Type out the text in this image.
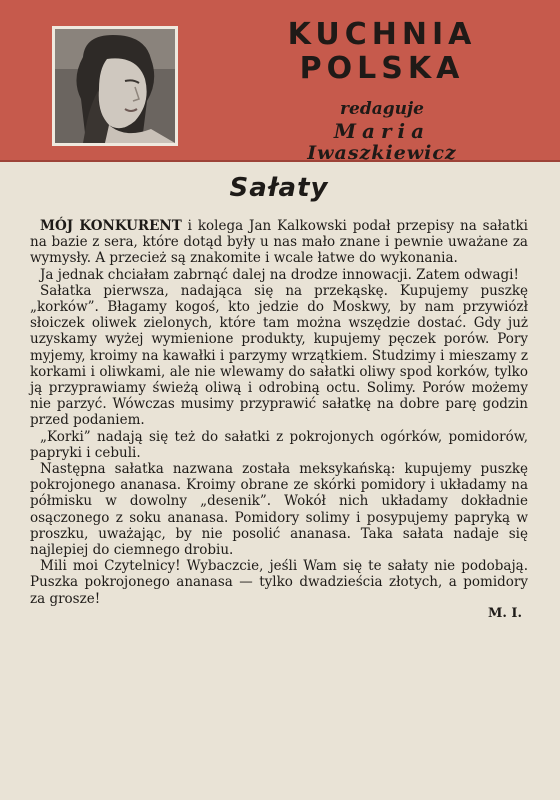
KUCHNIA

POLSKA

redaguje

Maria

Iwaszkiewicz

Sałaty

MÓJ KONKURENT i kolega Jan Kalkowski podał przepisy na sałatki na bazie z sera, które dotąd były u nas mało znane i pewnie uważane za wymysły. A przecież są znakomite i wcale łatwe do wykonania.

Ja jednak chciałam zabrnąć dalej na drodze innowacji. Zatem odwagi!

Sałatka pierwsza, nadająca się na przekąskę. Kupujemy puszkę „korków”. Błagamy kogoś, kto jedzie do Moskwy, by nam przywiózł słoiczek oliwek zielonych, które tam można wszędzie dostać. Gdy już uzyskamy wyżej wymienione produkty, kupujemy pęczek porów. Pory myjemy, kroimy na kawałki i parzymy wrzątkiem. Studzimy i mieszamy z korkami i oliwkami, ale nie wlewamy do sałatki oliwy spod korków, tylko ją przyprawiamy świeżą oliwą i odrobiną octu. Solimy. Porów możemy nie parzyć. Wówczas musimy przyprawić sałatkę na dobre parę godzin przed podaniem.

„Korki” nadają się też do sałatki z pokrojonych ogórków, pomidorów, papryki i cebuli.

Następna sałatka nazwana została meksykańską: kupujemy puszkę pokrojonego ananasa. Kroimy obrane ze skórki pomidory i układamy na półmisku w dowolny „desenik”. Wokół nich układamy dokładnie osączonego z soku ananasa. Pomidory solimy i posypujemy papryką w proszku, uważając, by nie posolić ananasa. Taka sałata nadaje się najlepiej do ciemnego drobiu.

Mili moi Czytelnicy! Wybaczcie, jeśli Wam się te sałaty nie podobają. Puszka pokrojonego ananasa — tylko dwadzieścia złotych, a pomidory za grosze!

M. I.
